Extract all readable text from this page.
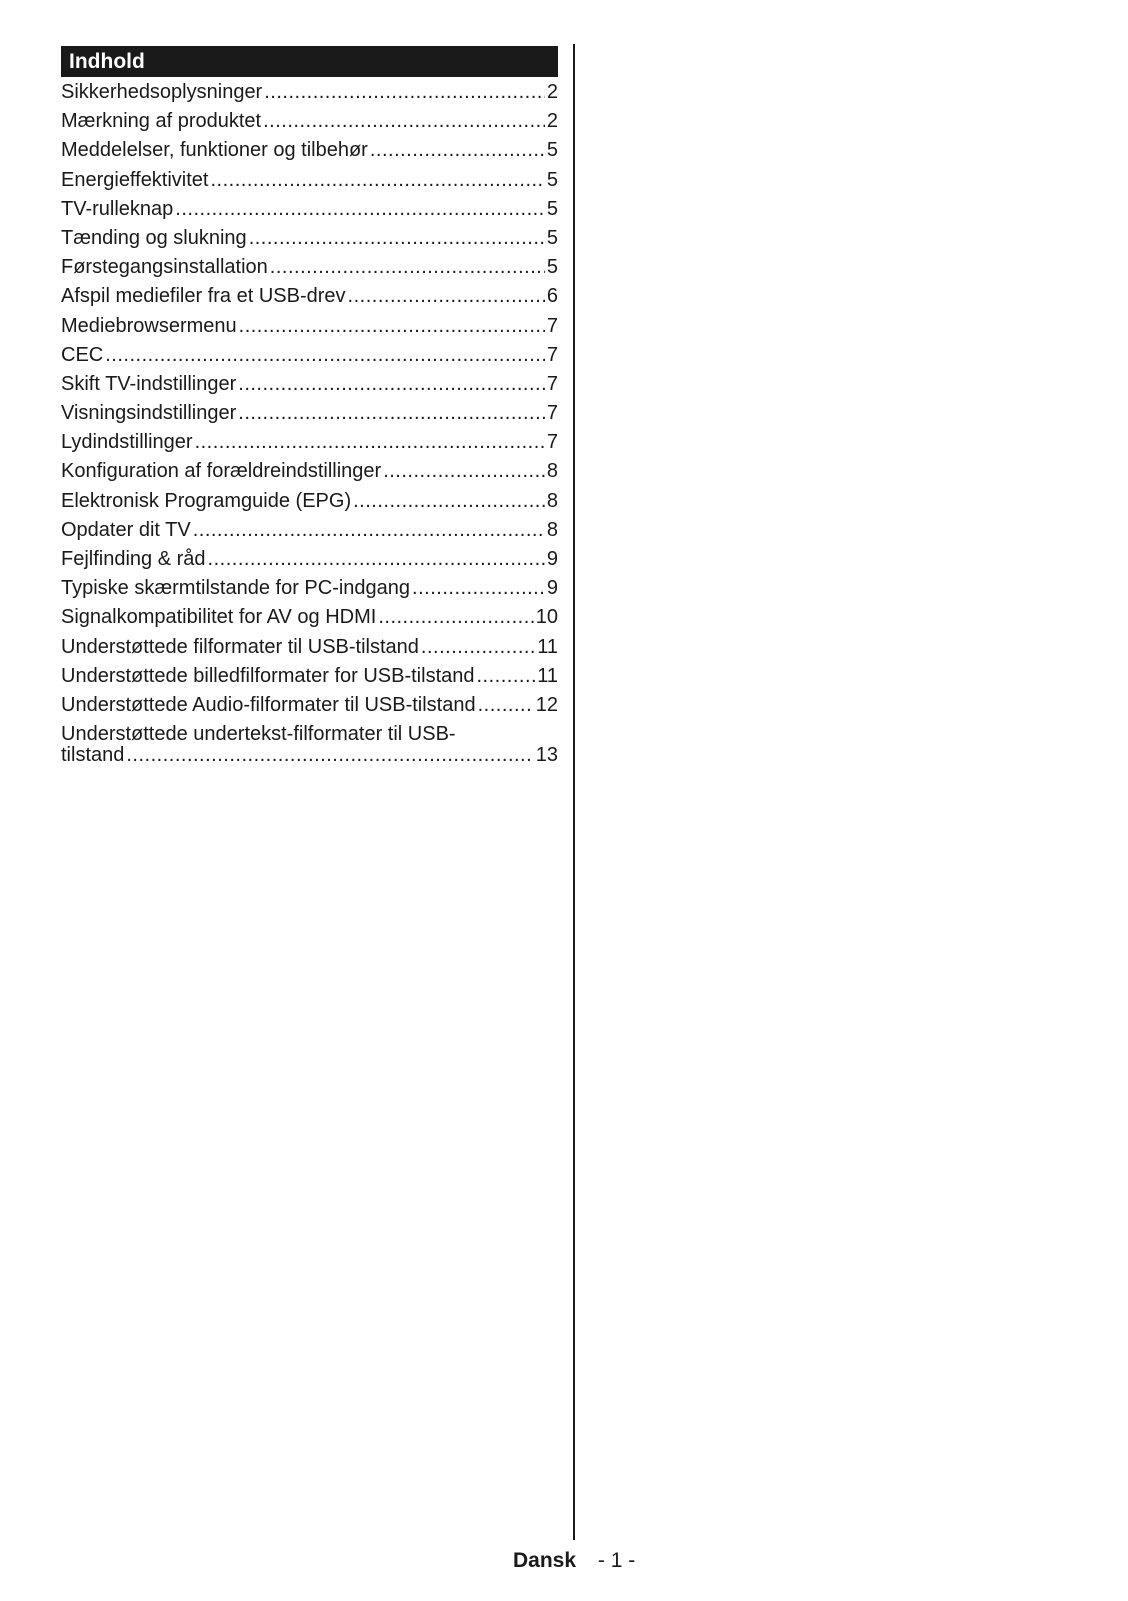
Indhold
Sikkerhedsoplysninger .....	2
Mærkning af produktet .....	2
Meddelelser, funktioner og tilbehør .....	5
Energieffektivitet .....	5
TV-rulleknap .....	5
Tænding og slukning .....	5
Førstegangsinstallation .....	5
Afspil mediefiler fra et USB-drev .....	6
Mediebrowsermenu .....	7
CEC .....	7
Skift TV-indstillinger .....	7
Visningsindstillinger .....	7
Lydindstillinger .....	7
Konfiguration af forældreindstillinger .....	8
Elektronisk Programguide (EPG) .....	8
Opdater dit TV .....	8
Fejlfinding & råd .....	9
Typiske skærmtilstande for PC-indgang .....	9
Signalkompatibilitet for AV og HDMI .....	10
Understøttede filformater til USB-tilstand .....	11
Understøttede billedfilformater for USB-tilstand .....	11
Understøttede Audio-filformater til USB-tilstand .....	12
Understøttede undertekst-filformater til USB-
tilstand .....	13
Dansk - 1 -
